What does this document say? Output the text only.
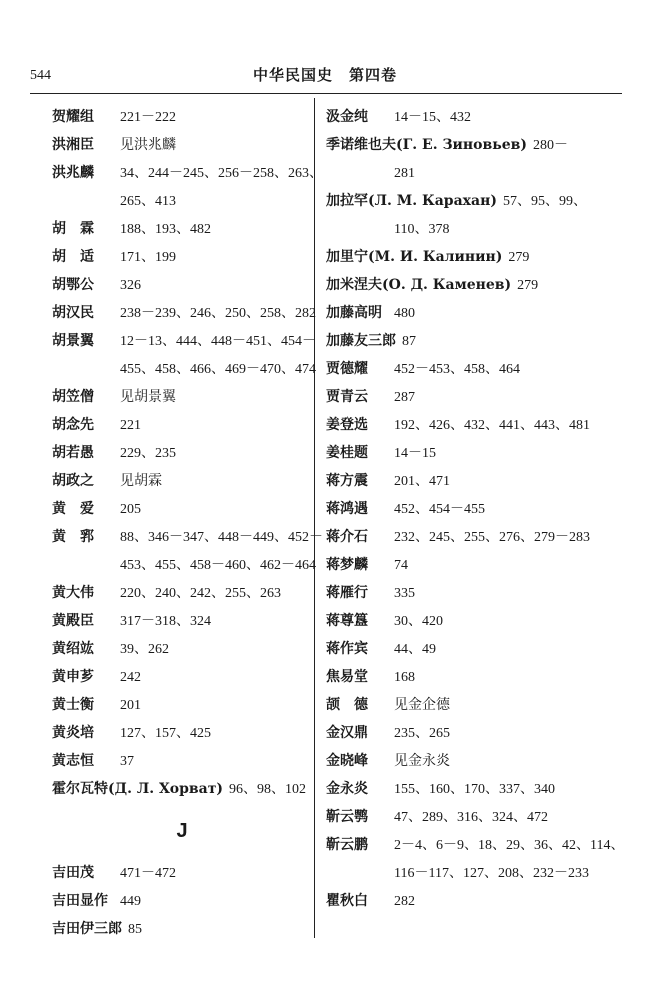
544	中华民国史　第四卷
贺耀组 221－222
洪湘臣 见洪兆麟
洪兆麟 34、244－245、256－258、263、
265、413
胡霖 188、193、482
胡适 171、199
胡鄂公 326
胡汉民 238－239、246、250、258、282
胡景翼 12－13、444、448－451、454－
455、458、466、469－470、474
胡笠僧 见胡景翼
胡念先 221
胡若愚 229、235
胡政之 见胡霖
黄爱 205
黄郛 88、346－347、448－449、452－
453、455、458－460、462－464
黄大伟 220、240、242、255、263
黄殿臣 317－318、324
黄绍竑 39、262
黄申芗 242
黄士衡 201
黄炎培 127、157、425
黄志恒 37
霍尔瓦特(Д. Л. Хорват) 96、98、102
J
吉田茂 471－472
吉田显作 449
吉田伊三郎 85
汲金纯 14－15、432
季诺维也夫(Г. Е. Зиновьев) 280－
281
加拉罕(Л. М. Карахан) 57、95、99、
110、378
加里宁(М. И. Калинин) 279
加米涅夫(О. Д. Каменев) 279
加藤高明 480
加藤友三郎 87
贾德耀 452－453、458、464
贾青云 287
姜登选 192、426、432、441、443、481
姜桂题 14－15
蒋方震 201、471
蒋鸿遇 452、454－455
蒋介石 232、245、255、276、279－283
蒋梦麟 74
蒋雁行 335
蒋尊簋 30、420
蒋作宾 44、49
焦易堂 168
颉德 见金企德
金汉鼎 235、265
金晓峰 见金永炎
金永炎 155、160、170、337、340
靳云鹗 47、289、316、324、472
靳云鹏 2－4、6－9、18、29、36、42、114、
116－117、127、208、232－233
瞿秋白 282
